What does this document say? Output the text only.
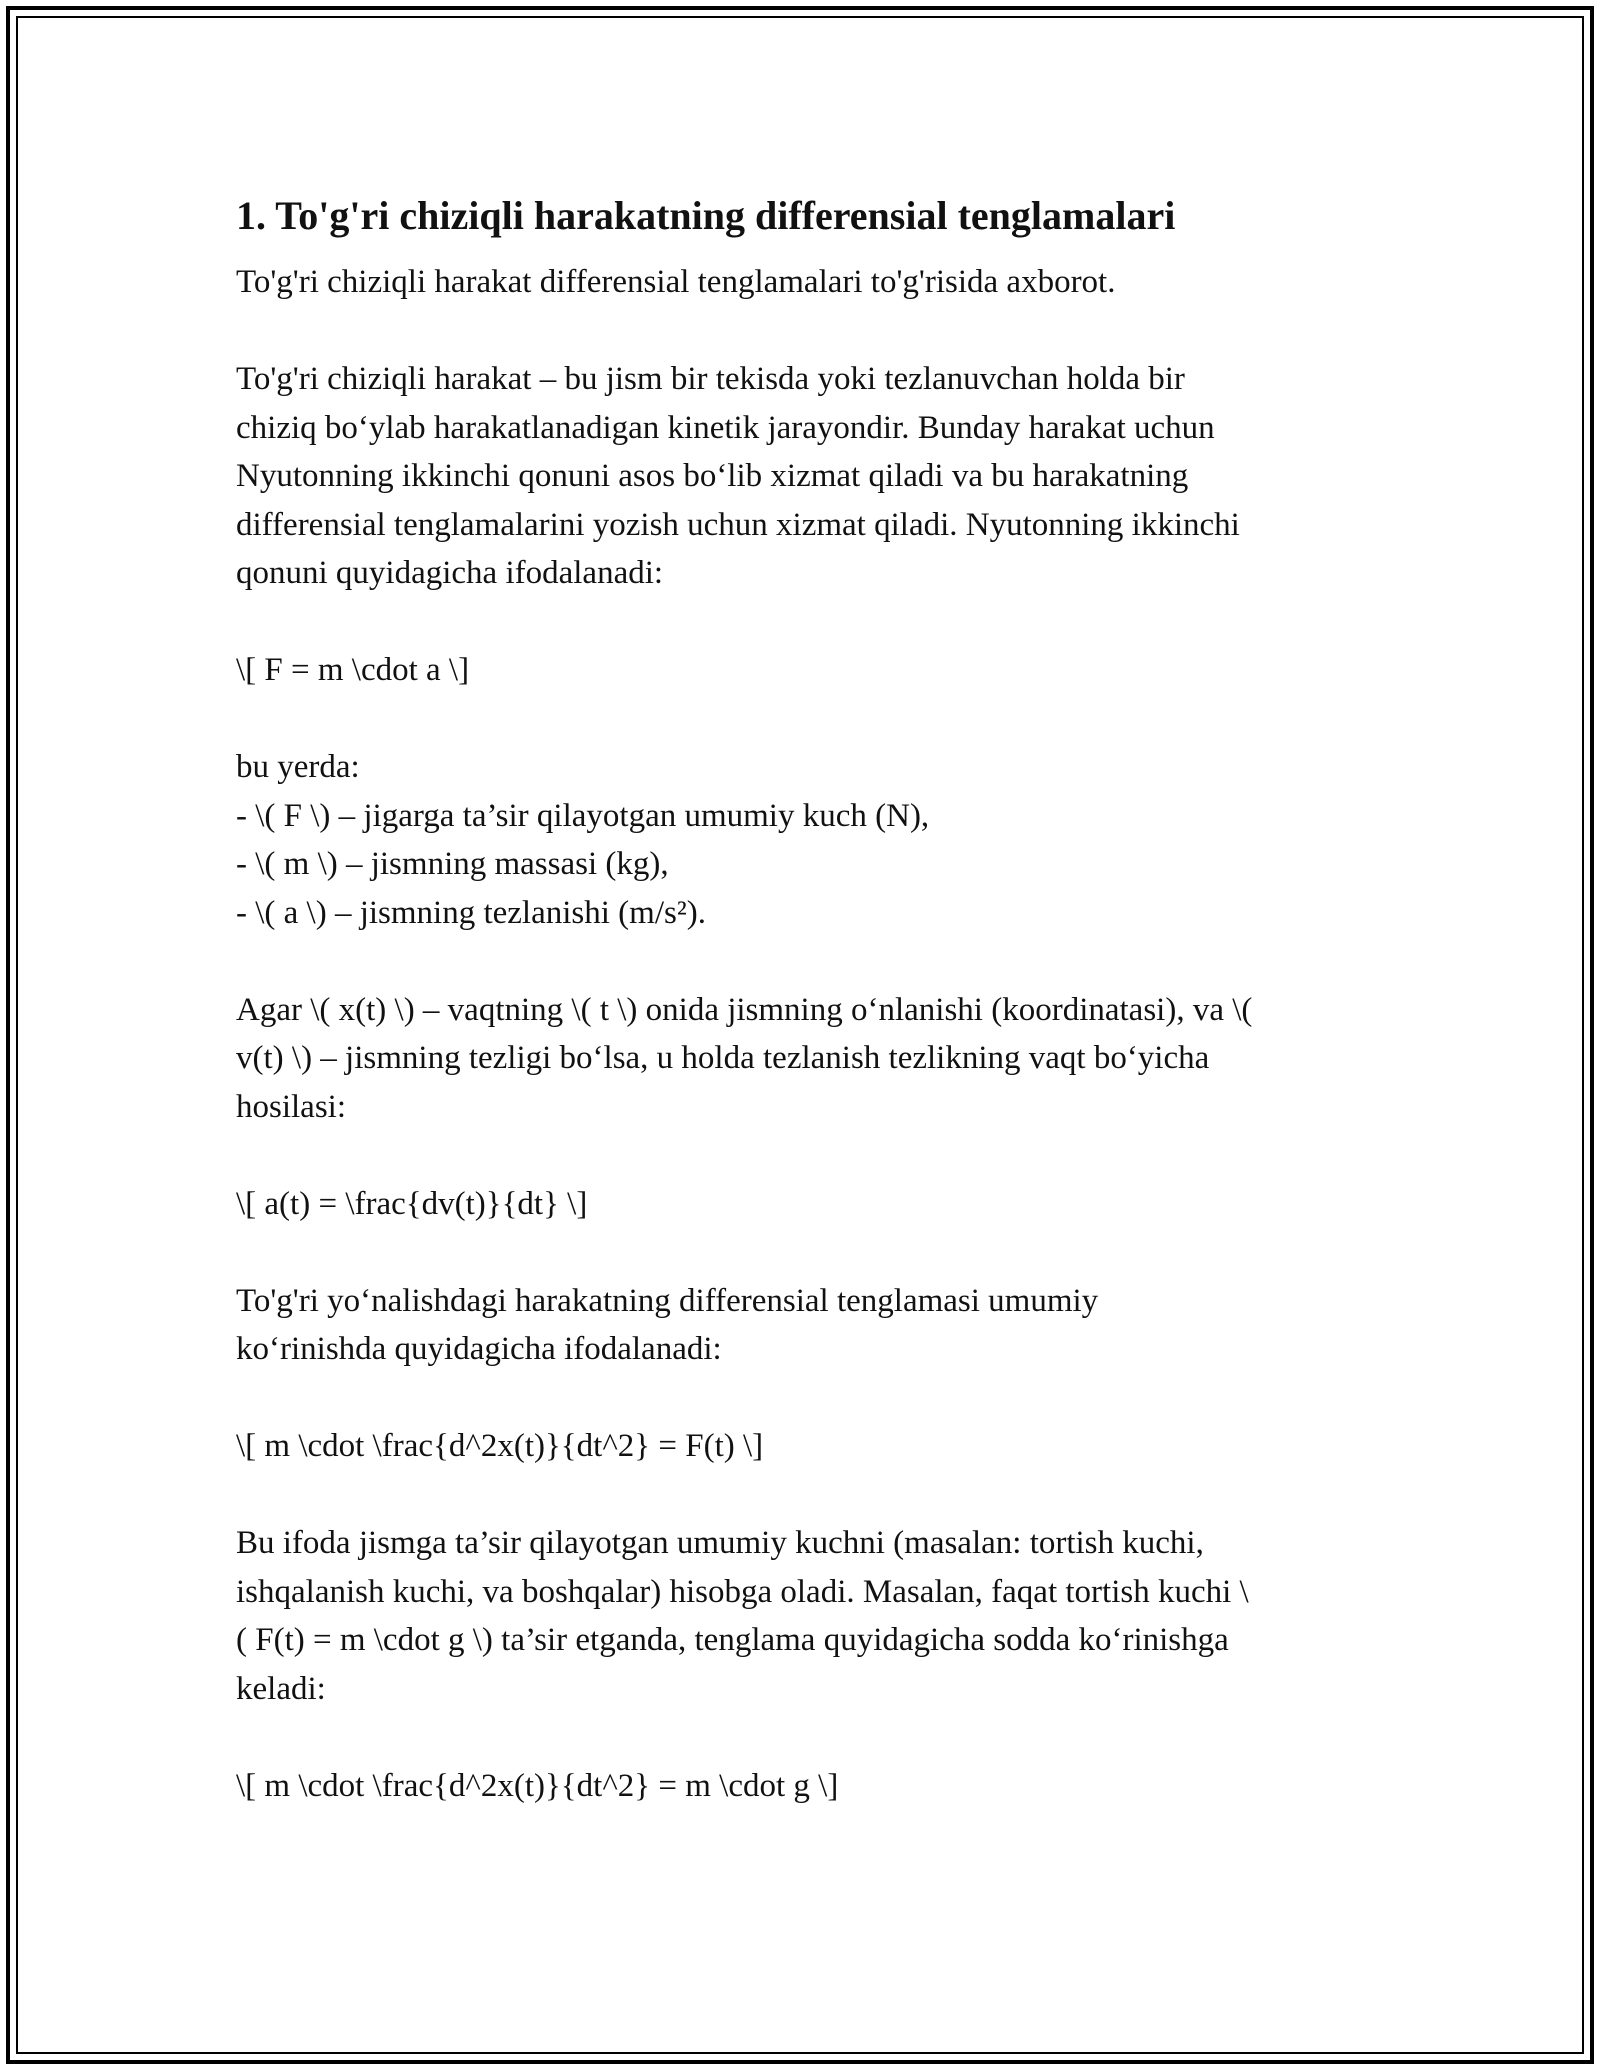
1. To'g'ri chiziqli harakatning differensial tenglamalari

To'g'ri chiziqli harakat differensial tenglamalari to'g'risida axborot.

To'g'ri chiziqli harakat – bu jism bir tekisda yoki tezlanuvchan holda bir
chiziq bo‘ylab harakatlanadigan kinetik jarayondir. Bunday harakat uchun
Nyutonning ikkinchi qonuni asos bo‘lib xizmat qiladi va bu harakatning
differensial tenglamalarini yozish uchun xizmat qiladi. Nyutonning ikkinchi
qonuni quyidagicha ifodalanadi:

\[ F = m \cdot a \]

bu yerda:
- \( F \) – jigarga ta’sir qilayotgan umumiy kuch (N),
- \( m \) – jismning massasi (kg),
- \( a \) – jismning tezlanishi (m/s²).

Agar \( x(t) \) – vaqtning \( t \) onida jismning o‘nlanishi (koordinatasi), va \(
v(t) \) – jismning tezligi bo‘lsa, u holda tezlanish tezlikning vaqt bo‘yicha
hosilasi:

\[ a(t) = \frac{dv(t)}{dt} \]

To'g'ri yo‘nalishdagi harakatning differensial tenglamasi umumiy
ko‘rinishda quyidagicha ifodalanadi:

\[ m \cdot \frac{d^2x(t)}{dt^2} = F(t) \]

Bu ifoda jismga ta’sir qilayotgan umumiy kuchni (masalan: tortish kuchi,
ishqalanish kuchi, va boshqalar) hisobga oladi. Masalan, faqat tortish kuchi \
( F(t) = m \cdot g \) ta’sir etganda, tenglama quyidagicha sodda ko‘rinishga
keladi:

\[ m \cdot \frac{d^2x(t)}{dt^2} = m \cdot g \]
